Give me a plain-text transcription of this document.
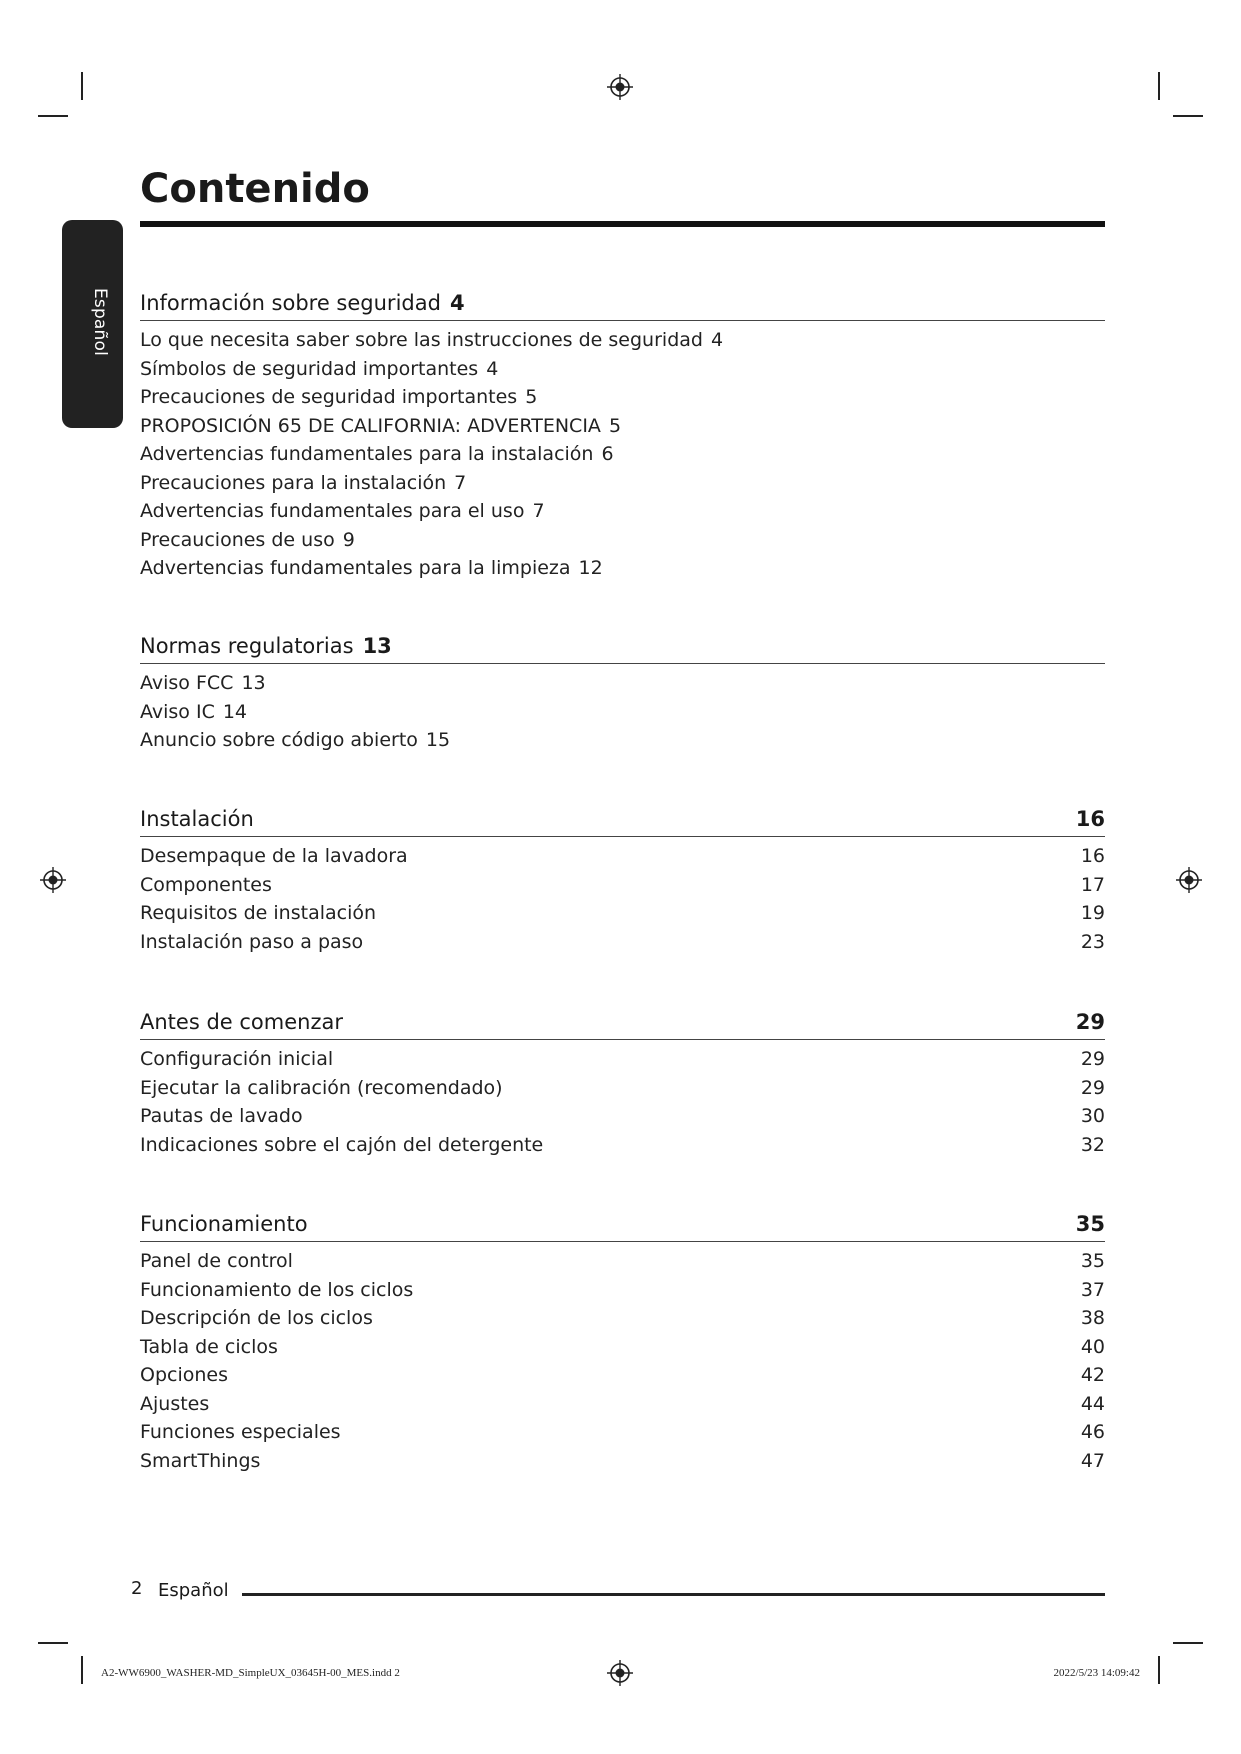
Español
Contenido
Información sobre seguridad 4
Lo que necesita saber sobre las instrucciones de seguridad 4
Símbolos de seguridad importantes 4
Precauciones de seguridad importantes 5
PROPOSICIÓN 65 DE CALIFORNIA: ADVERTENCIA 5
Advertencias fundamentales para la instalación 6
Precauciones para la instalación 7
Advertencias fundamentales para el uso 7
Precauciones de uso 9
Advertencias fundamentales para la limpieza 12
Normas regulatorias 13
Aviso FCC 13
Aviso IC 14
Anuncio sobre código abierto 15
Instalación	16
Desempaque de la lavadora	16
Componentes	17
Requisitos de instalación	19
Instalación paso a paso	23
Antes de comenzar	29
Configuración inicial	29
Ejecutar la calibración (recomendado)	29
Pautas de lavado	30
Indicaciones sobre el cajón del detergente	32
Funcionamiento	35
Panel de control	35
Funcionamiento de los ciclos	37
Descripción de los ciclos	38
Tabla de ciclos	40
Opciones	42
Ajustes	44
Funciones especiales	46
SmartThings	47
2 Español
A2-WW6900_WASHER-MD_SimpleUX_03645H-00_MES.indd 2	2022/5/23 14:09:42
